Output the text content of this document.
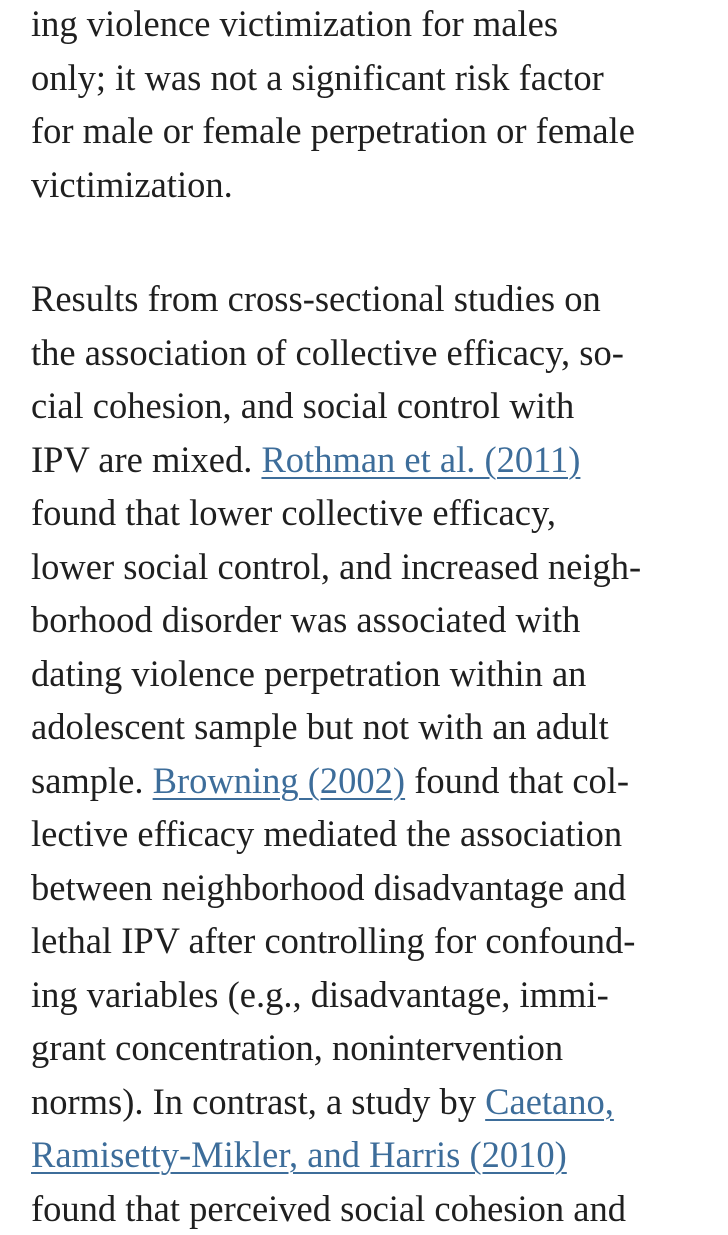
ing violence victimization for males
only; it was not a significant risk factor
for male or female perpetration or female
victimization.
Results from cross-sectional studies on
the association of collective efficacy, so-
cial cohesion, and social control with
IPV are mixed. Rothman et al. (2011)
found that lower collective efficacy,
lower social control, and increased neigh-
borhood disorder was associated with
dating violence perpetration within an
adolescent sample but not with an adult
sample. Browning (2002) found that col-
lective efficacy mediated the association
between neighborhood disadvantage and
lethal IPV after controlling for confound-
ing variables (e.g., disadvantage, immi-
grant concentration, nonintervention
norms). In contrast, a study by Caetano,
Ramisetty-Mikler, and Harris (2010)
found that perceived social cohesion and
